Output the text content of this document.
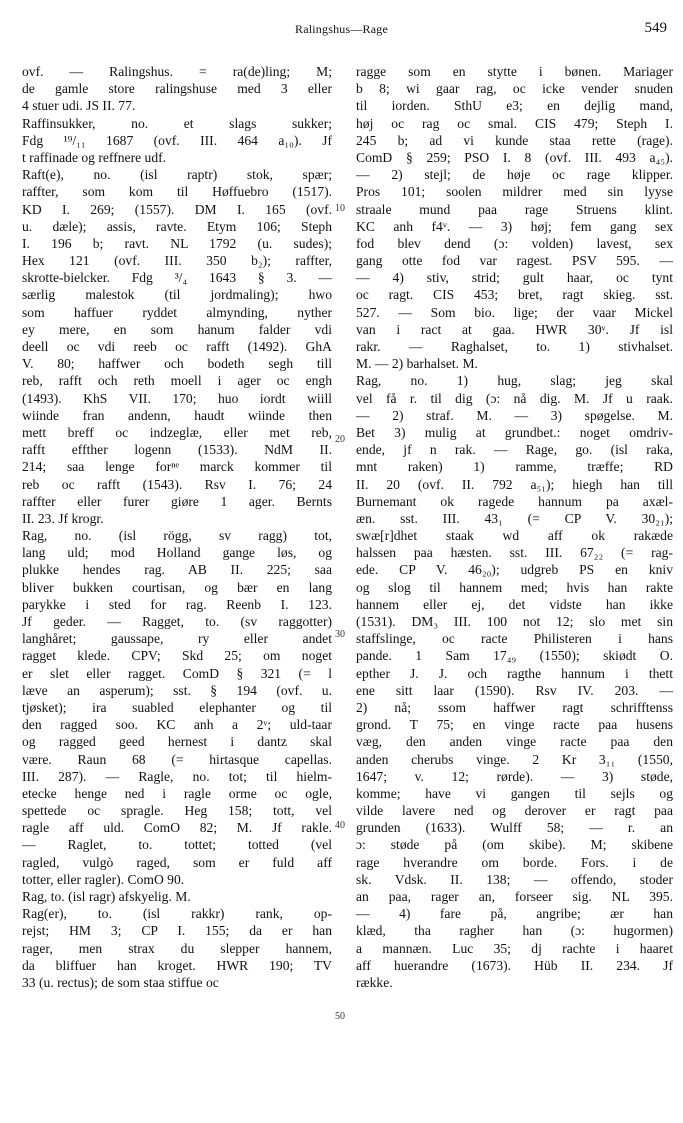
Ralingshus—Rage	549
ovf. — Ralingshus. = ra(de)ling; M;
de gamle store ralingshuse med 3 eller
4 stuer udi. JS II. 77.
Raffinsukker, no. et slags sukker;
Fdg ¹⁹/₁₁ 1687 (ovf. III. 464 a₁₀). Jf
t raffinade og reffnere udf.
Raft(e), no. (isl raptr) stok, spær;
raffter, som kom til Høffuebro (1517).
KD I. 269; (1557). DM I. 165 (ovf.
u. dæle); assis, ravte. Etym 106; Steph
I. 196 b; ravt. NL 1792 (u. sudes);
Hex 121 (ovf. III. 350 b₂); raffter,
skrotte-bielcker. Fdg ³/₄ 1643 § 3. —
særlig malestok (til jordmaling); hwo
som haffuer ryddet almynding, nyther
ey mere, en som hanum falder vdi
deell oc vdi reeb oc rafft (1492). GhA
V. 80; haffwer och bodeth segh till
reb, rafft och reth moell i ager oc engh
(1493). KhS VII. 170; huo iordt wiill
wiinde fran andenn, haudt wiinde then
mett breff oc indzeglæ, eller met reb,
rafft effther logenn (1533). NdM II.
214; saa lenge forⁿᵉ marck kommer til
reb oc rafft (1543). Rsv I. 76; 24
raffter eller furer giøre 1 ager. Bernts
II. 23. Jf krogr.
Rag, no. (isl rögg, sv ragg) tot,
lang uld; mod Holland gange løs, og
plukke hendes rag. AB II. 225; saa
bliver bukken courtisan, og bær en lang
parykke i sted for rag. Reenb I. 123.
Jf geder. — Ragget, to. (sv raggotter)
langhåret; gaussape, ry eller andet
ragget klede. CPV; Skd 25; om noget
er slet eller ragget. ComD § 321 (= l
læve an asperum); sst. § 194 (ovf. u.
tjøsket); ira suabled elephanter og til
den ragged soo. KC anh a 2ᵛ; uld-taar
og ragged geed hernest i dantz skal
være. Raun 68 (= hirtasque capellas.
III. 287). — Ragle, no. tot; til hielm-
etecke henge ned i ragle orme oc ogle,
spettede oc spragle. Heg 158; tott, vel
ragle aff uld. ComO 82; M. Jf rakle.
— Raglet, to. tottet; totted (vel
ragled, vulgò raged, som er fuld aff
totter, eller ragler). ComO 90.
Rag, to. (isl ragr) afskyelig. M.
Rag(er), to. (isl rakkr) rank, op-
rejst; HM 3; CP I. 155; da er han
rager, men strax du slepper hannem,
da bliffuer han kroget. HWR 190; TV
33 (u. rectus); de som staa stiffue oc
10
20
30
40
50
ragge som en stytte i bønen. Mariager
b 8; wi gaar rag, oc icke vender snuden
til iorden. SthU e3; en dejlig mand,
høj oc rag oc smal. CIS 479; Steph I.
245 b; ad vi kunde staa rette (rage).
ComD § 259; PSO I. 8 (ovf. III. 493 a₄₅).
— 2) stejl; de høje oc rage klipper.
Pros 101; soolen mildrer med sin lyyse
straale mund paa rage Struens klint.
KC anh f4ᵛ. — 3) høj; fem gang sex
fod blev dend (ɔ: volden) lavest, sex
gang otte fod var ragest. PSV 595. —
— 4) stiv, strid; gult haar, oc tynt
oc ragt. CIS 453; bret, ragt skieg. sst.
527. — Som bio. lige; der vaar Mickel
van i ract at gaa. HWR 30ᵛ. Jf isl
rakr. — Raghalset, to. 1) stivhalset.
M. — 2) barhalset. M.
Rag, no. 1) hug, slag; jeg skal
vel få r. til dig (ɔ: nå dig. M. Jf u raak.
— 2) straf. M. — 3) spøgelse. M.
Bet 3) mulig at grundbet.: noget omdriv-
ende, jf n rak. — Rage, go. (isl raka,
mnt raken) 1) ramme, træffe; RD
II. 20 (ovf. II. 792 a₅₁); hiegh han till
Burnemant ok ragede hannum pa axæl-
æn. sst. III. 43₁ (= CP V. 30₂₁);
swæ[r]dhet staak wd aff ok rakæde
halssen paa hæsten. sst. III. 67₂₂ (= rag-
ede. CP V. 46₂₀); udgreb PS en kniv
og slog til hannem med; hvis han rakte
hannem eller ej, det vidste han ikke
(1531). DM₃ III. 100 not 12; slo met sin
staffslinge, oc racte Philisteren i hans
pande. 1 Sam 17₄₉ (1550); skiødt O.
epther J. J. och ragthe hannum i thett
ene sitt laar (1590). Rsv IV. 203. —
2) nå; ssom haffwer ragt schrifftenss
grond. T 75; en vinge racte paa husens
væg, den anden vinge racte paa den
anden cherubs vinge. 2 Kr 3₁₁ (1550,
1647; v. 12; rørde). — 3) støde,
komme; have vi gangen til sejls og
vilde lavere ned og derover er ragt paa
grunden (1633). Wulff 58; — r. an
ɔ: støde på (om skibe). M; skibene
rage hverandre om borde. Fors. i de
sk. Vdsk. II. 138; — offendo, stoder
an paa, rager an, forseer sig. NL 395.
— 4) fare på, angribe; ær han
klæd, tha ragher han (ɔ: hugormen)
a mannæn. Luc 35; dj rachte i haaret
aff huerandre (1673). Hüb II. 234. Jf
række.
